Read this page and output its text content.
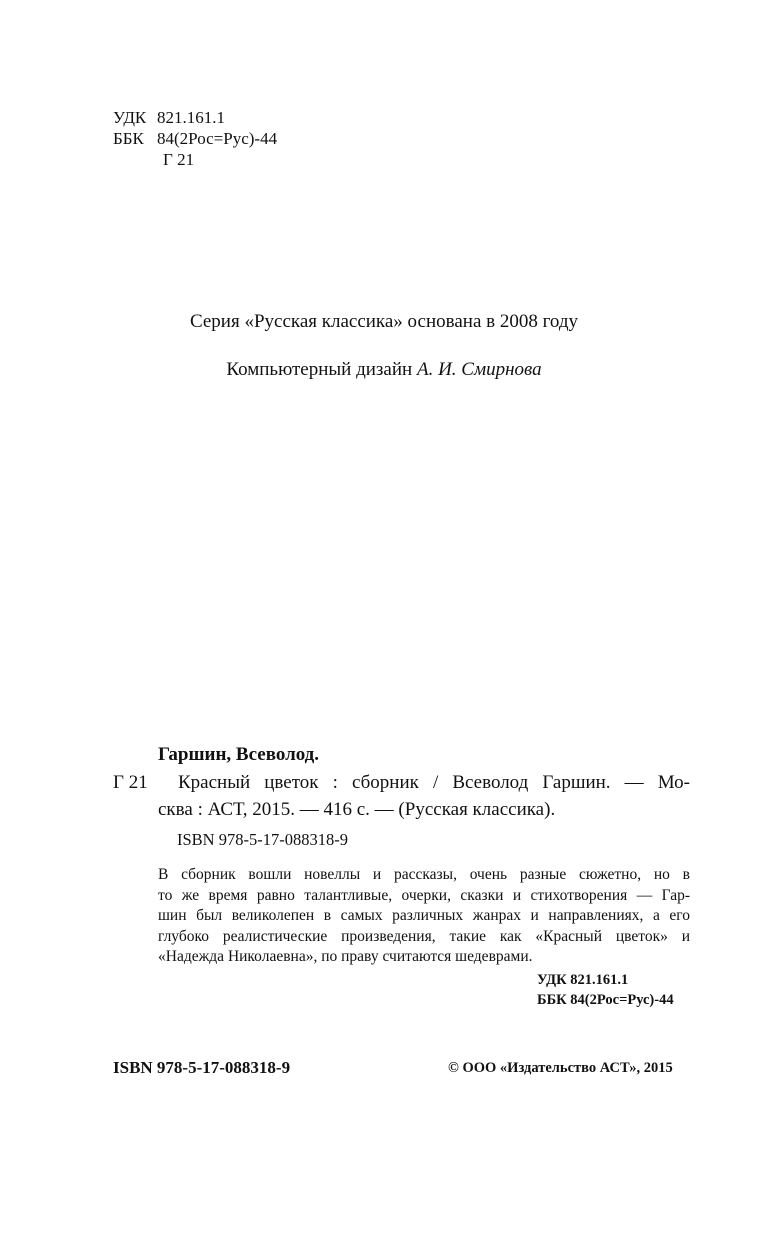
УДК 821.161.1
ББК 84(2Рос=Рус)-44
Г 21
Серия «Русская классика» основана в 2008 году
Компьютерный дизайн А. И. Смирнова
Гаршин, Всеволод.
Г 21 Красный цветок : сборник / Всеволод Гаршин. — Мо-
сква : АСТ, 2015. — 416 с. — (Русская классика).
ISBN 978-5-17-088318-9
В сборник вошли новеллы и рассказы, очень разные сюжетно, но в
то же время равно талантливые, очерки, сказки и стихотворения — Гар-
шин был великолепен в самых различных жанрах и направлениях, а его
глубоко реалистические произведения, такие как «Красный цветок» и
«Надежда Николаевна», по праву считаются шедеврами.
УДК 821.161.1
ББК 84(2Рос=Рус)-44
ISBN 978-5-17-088318-9	© ООО «Издательство АСТ», 2015
